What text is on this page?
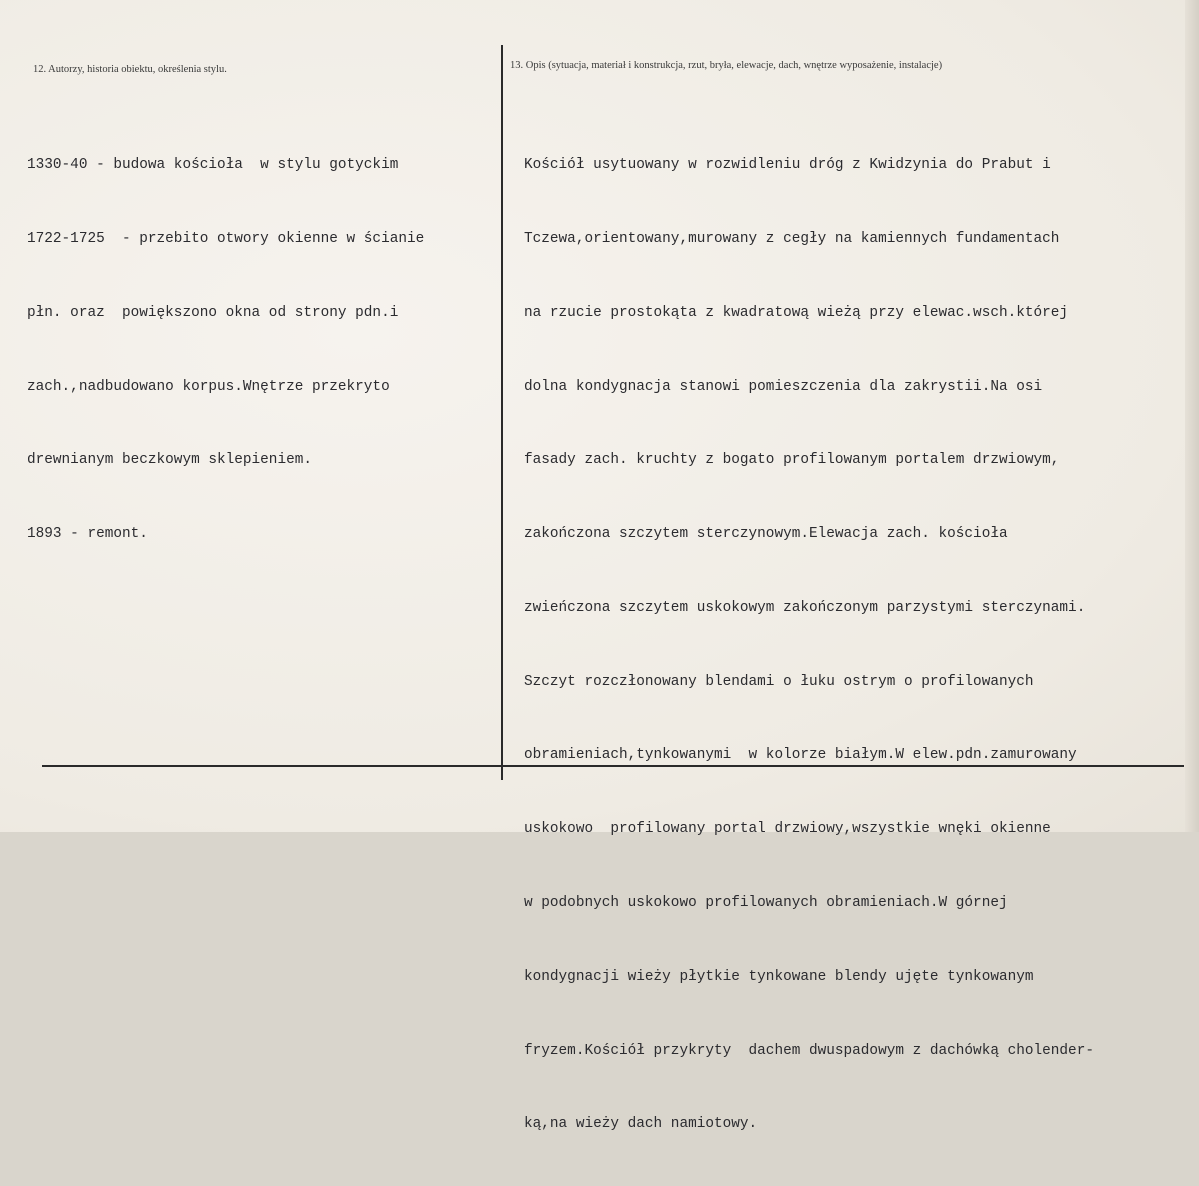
12. Autorzy, historia obiektu, określenia stylu.	13. Opis (sytuacja, materiał i konstrukcja, rzut, bryła, elewacje, dach, wnętrze wyposażenie, instalacje)

1330-40 - budowa kościoła  w stylu gotyckim

1722-1725  - przebito otwory okienne w ścianie

płn. oraz  powiększono okna od strony pdn.i

zach.,nadbudowano korpus.Wnętrze przekryto

drewnianym beczkowym sklepieniem.

1893 - remont.

Kościół usytuowany w rozwidleniu dróg z Kwidzynia do Prabut i

Tczewa,orientowany,murowany z cegły na kamiennych fundamentach

na rzucie prostokąta z kwadratową wieżą przy elewac.wsch.której

dolna kondygnacja stanowi pomieszczenia dla zakrystii.Na osi

fasady zach. kruchty z bogato profilowanym portalem drzwiowym,

zakończona szczytem sterczynowym.Elewacja zach. kościoła

zwieńczona szczytem uskokowym zakończonym parzystymi sterczynami.

Szczyt rozczłonowany blendami o łuku ostrym o profilowanych

obramieniach,tynkowanymi  w kolorze białym.W elew.pdn.zamurowany

uskokowo  profilowany portal drzwiowy,wszystkie wnęki okienne

w podobnych uskokowo profilowanych obramieniach.W górnej

kondygnacji wieży płytkie tynkowane blendy ujęte tynkowanym

fryzem.Kościół przykryty  dachem dwuspadowym z dachówką cholender-

ką,na wieży dach namiotowy.
